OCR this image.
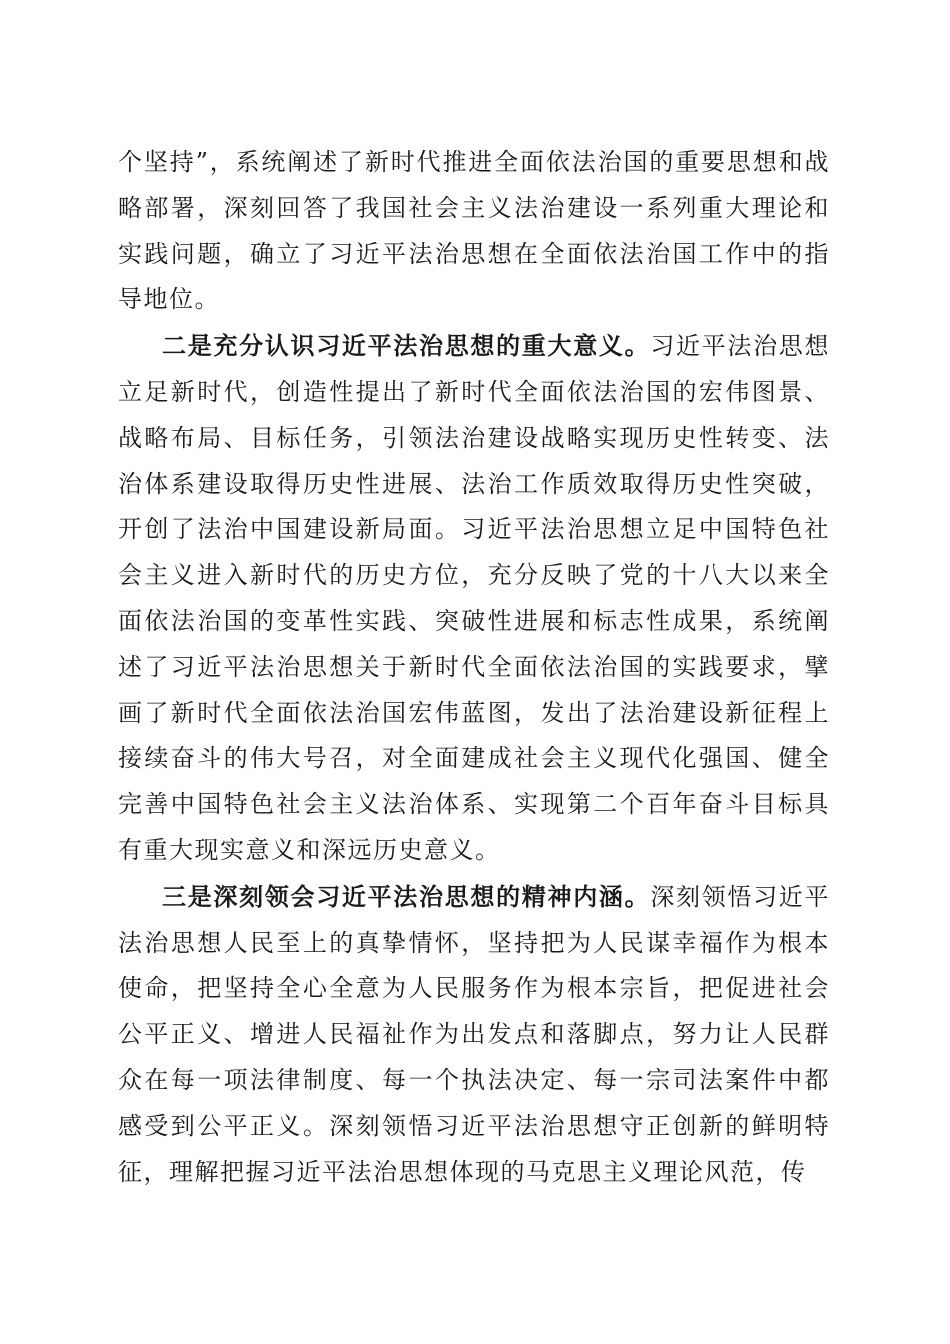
个坚持”，系统阐述了新时代推进全面依法治国的重要思想和战略部署，深刻回答了我国社会主义法治建设一系列重大理论和实践问题，确立了习近平法治思想在全面依法治国工作中的指导地位。

二是充分认识习近平法治思想的重大意义。习近平法治思想立足新时代，创造性提出了新时代全面依法治国的宏伟图景、战略布局、目标任务，引领法治建设战略实现历史性转变、法治体系建设取得历史性进展、法治工作质效取得历史性突破，开创了法治中国建设新局面。习近平法治思想立足中国特色社会主义进入新时代的历史方位，充分反映了党的十八大以来全面依法治国的变革性实践、突破性进展和标志性成果，系统阐述了习近平法治思想关于新时代全面依法治国的实践要求，擘画了新时代全面依法治国宏伟蓝图，发出了法治建设新征程上接续奋斗的伟大号召，对全面建成社会主义现代化强国、健全完善中国特色社会主义法治体系、实现第二个百年奋斗目标具有重大现实意义和深远历史意义。

三是深刻领会习近平法治思想的精神内涵。深刻领悟习近平法治思想人民至上的真挚情怀，坚持把为人民谋幸福作为根本使命，把坚持全心全意为人民服务作为根本宗旨，把促进社会公平正义、增进人民福祉作为出发点和落脚点，努力让人民群众在每一项法律制度、每一个执法决定、每一宗司法案件中都感受到公平正义。深刻领悟习近平法治思想守正创新的鲜明特征，理解把握习近平法治思想体现的马克思主义理论风范，传
